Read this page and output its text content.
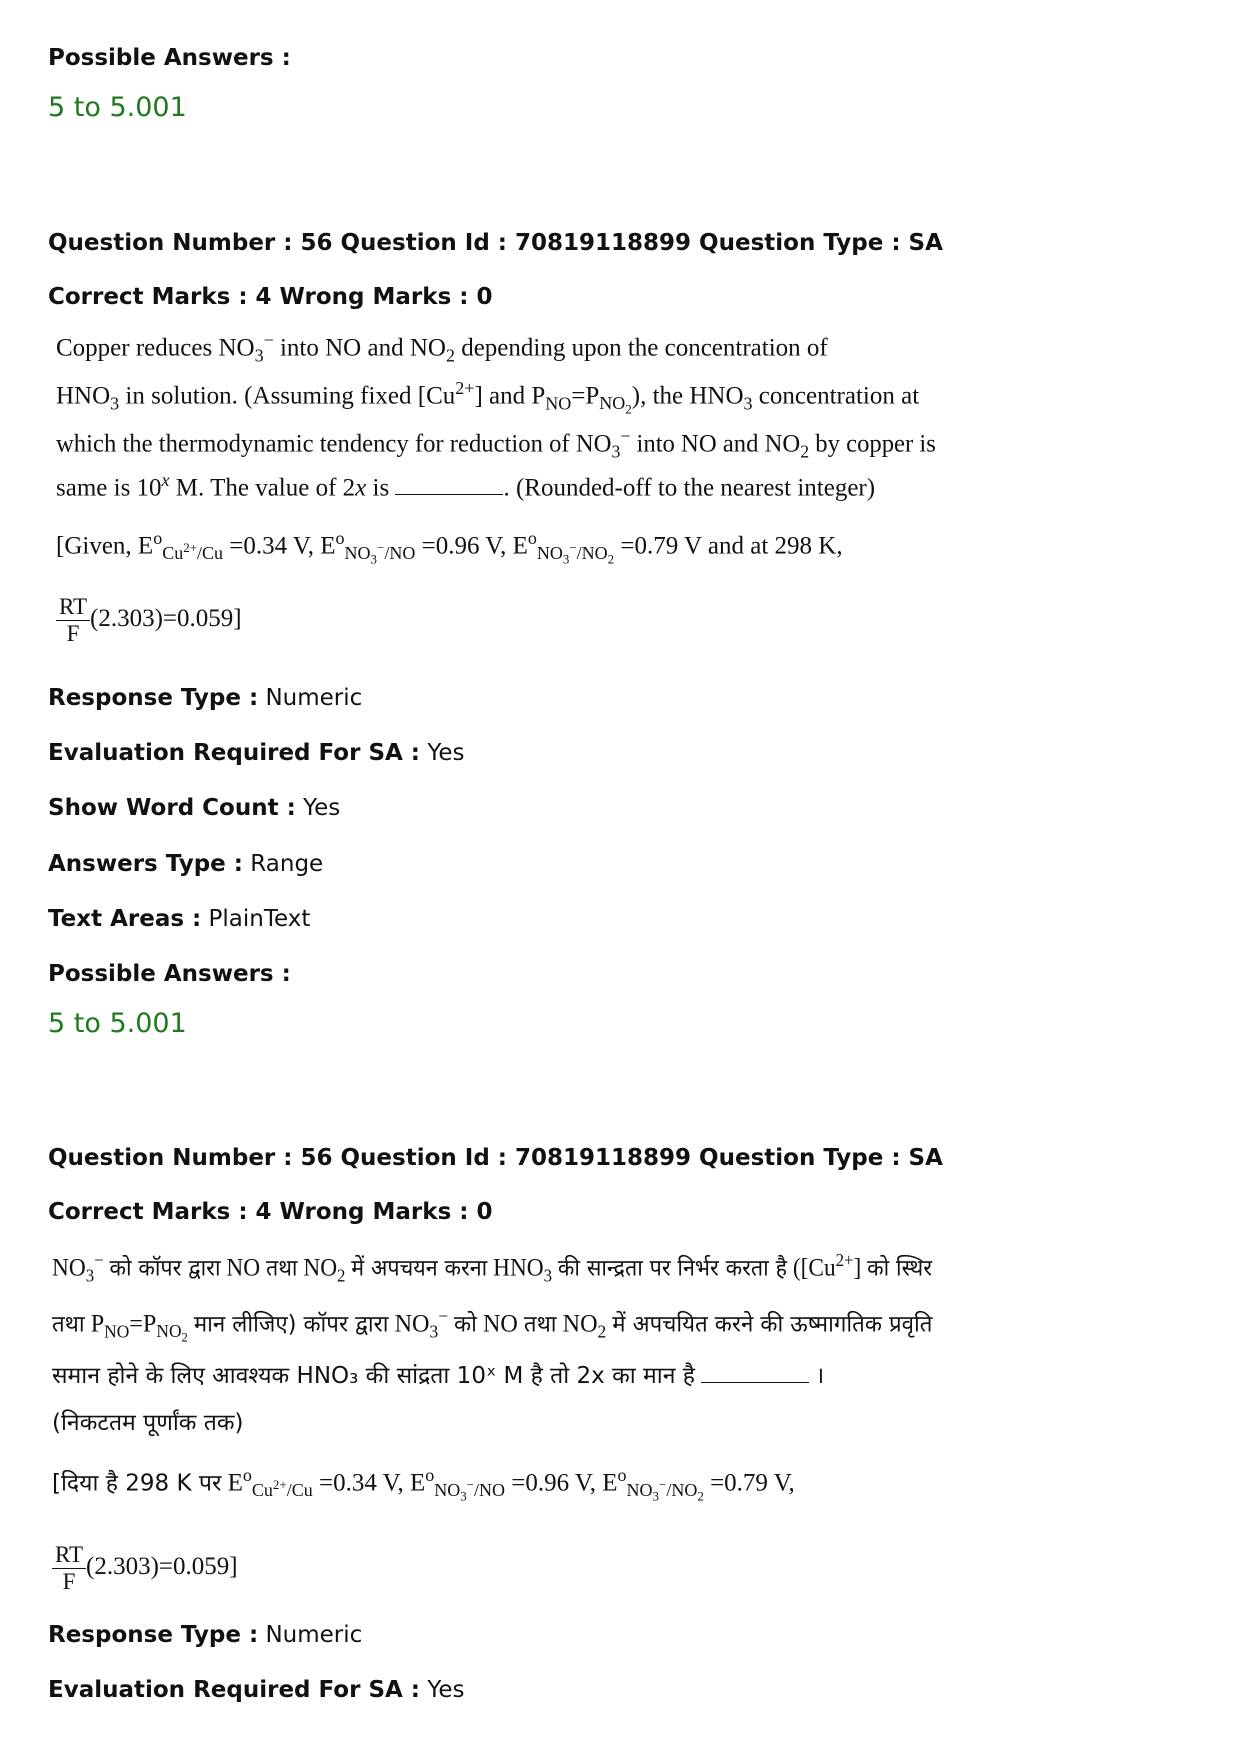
Possible Answers :
5 to 5.001
Question Number : 56 Question Id : 70819118899 Question Type : SA
Correct Marks : 4 Wrong Marks : 0
Copper reduces $NO_3^-$ into NO and $NO_2$ depending upon the concentration of
$HNO_3$ in solution. (Assuming fixed $[Cu^{2+}]$ and $P_{NO}=P_{NO_2}$), the $HNO_3$ concentration at
which the thermodynamic tendency for reduction of $NO_3^-$ into NO and $NO_2$ by copper is
same is 10$^x$ M. The value of 2x is	. (Rounded-off to the nearest integer)
[Given, $E^o_{Cu^{2+}/Cu} =0.34$ V, $E^o_{NO_3^-/NO} =0.96$ V, $E^o_{NO_3^-/NO_2} =0.79$ V and at 298 K,
$\frac{RT}{F} (2.303)=0.059$]
Response Type : Numeric
Evaluation Required For SA : Yes
Show Word Count : Yes
Answers Type : Range
Text Areas : PlainText
Possible Answers :
5 to 5.001
Question Number : 56 Question Id : 70819118899 Question Type : SA
Correct Marks : 4 Wrong Marks : 0
$NO_3^-$ को कॉपर द्वारा NO तथा $NO_2$ में अपचयन करना $HNO_3$ की सान्द्रता पर निर्भर करता है ($[Cu^{2+}]$ को स्थिर
तथा $P_{NO}=P_{NO_2}$ मान लीजिए) कॉपर द्वारा $NO_3^-$ को NO तथा $NO_2$ में अपचयित करने की ऊष्मागतिक प्रवृति
समान होने के लिए आवश्यक HNO₃ की सांद्रता 10ˣ M है तो 2x का मान है	।
(निकटतम पूर्णांक तक)
[दिया है 298 K पर $E^o_{Cu^{2+}/Cu} =0.34$ V, $E^o_{NO_3^-/NO} =0.96$ V, $E^o_{NO_3^-/NO_2} =0.79$ V,
$\frac{RT}{F} (2.303)=0.059$]
Response Type : Numeric
Evaluation Required For SA : Yes
